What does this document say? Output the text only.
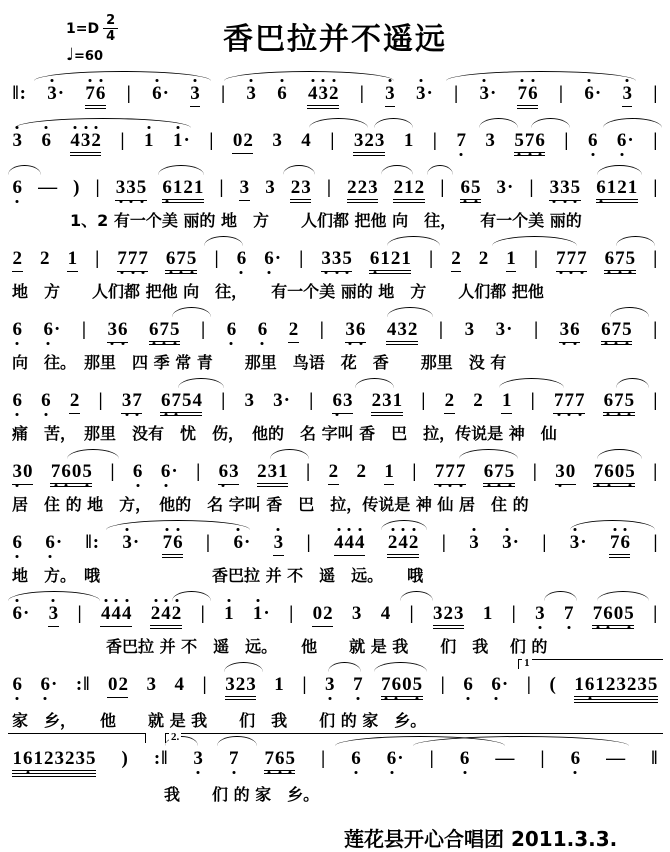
$1=D \frac{2}{4}$
♩=60
香巴拉并不遥远
‖: 3· 76 | 6· 3 | 3 6 432 | 3 3· | 3· 76 | 6· 3 |
3 6 432 | 1 1· | 02 3 4 | 323 1 | 7 3 576 | 6 6· |
6 — ) | 335 6121 | 3 3 23 | 223 212 | 65 3· | 335 6121 |
1、2 有一个美 丽的 地　方　　人们都 把他 向　往，　　有一个美 丽的
2 2 1 | 777 675 | 6 6· | 335 6121 | 2 2 1 | 777 675 |
地　方　　人们都 把他 向　往，　　有一个美 丽的 地　方　　人们都 把他
6 6· | 36 675 | 6 6 2 | 36 432 | 3 3· | 36 675 |
向　往。　那里　四 季 常 青　　那里　鸟语　花　香　　那里　没 有
6 6 2 | 37 6754 | 3 3· | 63 231 | 2 2 1 | 777 675 |
痛　苦，　那里　没有　忧　伤，　他的　名 字叫 香　巴　拉，传说是 神　仙
30 7605 | 6 6· | 63 231 | 2 2 1 | 777 675 | 30 7605 |
居　住 的 地　方，　他的　名 字叫 香　巴　拉，传说是 神 仙 居　住 的
6 6· ‖: 3· 76 | 6· 3 | 444 242 | 3 3· | 3· 76 |
地　方。　哦　　　　　　　香巴拉 并 不　遥　远。　　哦
6· 3 | 444 242 | 1 1· | 02 3 4 | 323 1 | 3 7 7605 |
香巴拉 并 不　遥　远。　　他　　就 是 我　　们　我　 们 的
1
6 6· :‖ 02 3 4 | 323 1 | 3 7 7605 | 6 6· | ( 16123235
家　乡，　　他　　就 是 我　　们　我　　们 的 家　乡。
2.
16123235 ) :‖ 3 7 765 | 6 6· | 6 — | 6 — ‖
我　　们 的 家　乡。
莲花县开心合唱团 2011.3.3.
